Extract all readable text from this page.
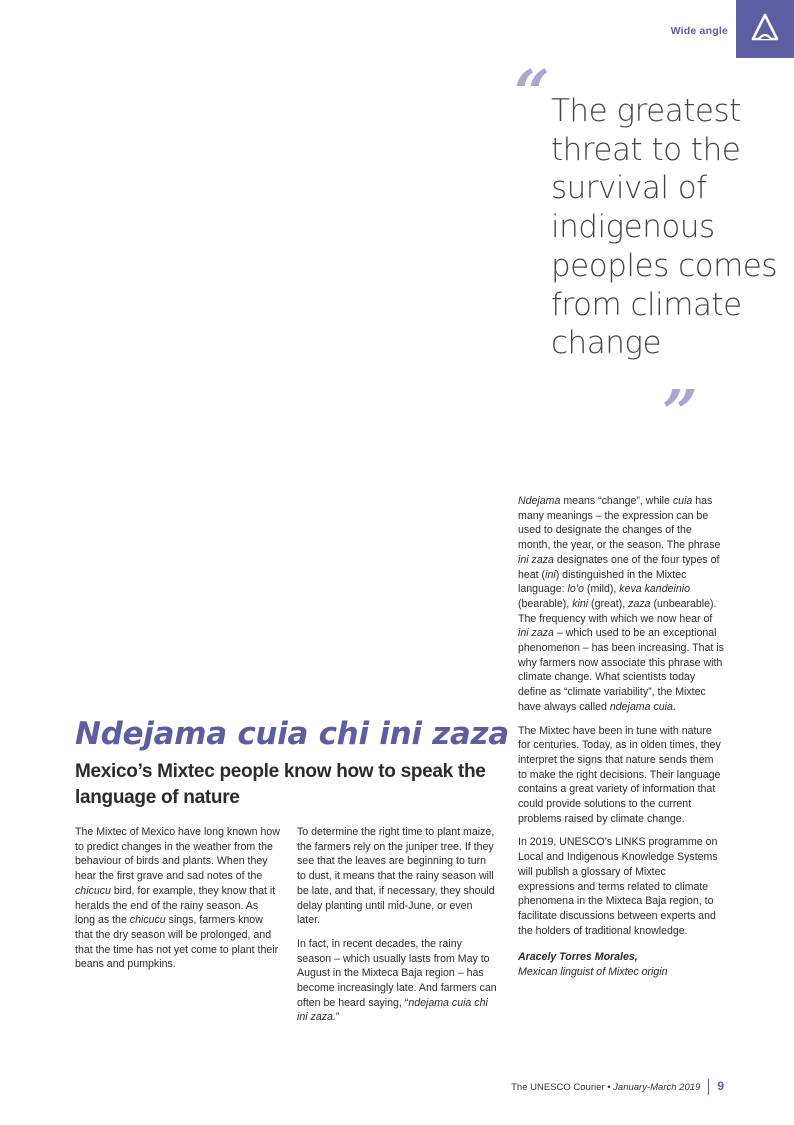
Wide angle
“ The greatest threat to the survival of indigenous peoples comes from climate change
”
Ndejama cuia chi ini zaza
Mexico’s Mixtec people know how to speak the language of nature

The Mixtec of Mexico have long known how to predict changes in the weather from the behaviour of birds and plants. When they hear the first grave and sad notes of the chicucu bird, for example, they know that it heralds the end of the rainy season. As long as the chicucu sings, farmers know that the dry season will be prolonged, and that the time has not yet come to plant their beans and pumpkins.

To determine the right time to plant maize, the farmers rely on the juniper tree. If they see that the leaves are beginning to turn to dust, it means that the rainy season will be late, and that, if necessary, they should delay planting until mid-June, or even later.

In fact, in recent decades, the rainy season – which usually lasts from May to August in the Mixteca Baja region – has become increasingly late. And farmers can often be heard saying, “ndejama cuia chi ini zaza.”

Ndejama means “change”, while cuia has many meanings – the expression can be used to designate the changes of the month, the year, or the season. The phrase ini zaza designates one of the four types of heat (ini) distinguished in the Mixtec language: lo’o (mild), keva kandeinio (bearable), kini (great), zaza (unbearable). The frequency with which we now hear of ini zaza – which used to be an exceptional phenomenon – has been increasing. That is why farmers now associate this phrase with climate change. What scientists today define as “climate variability”, the Mixtec have always called ndejama cuia.

The Mixtec have been in tune with nature for centuries. Today, as in olden times, they interpret the signs that nature sends them to make the right decisions. Their language contains a great variety of information that could provide solutions to the current problems raised by climate change.

In 2019, UNESCO’s LINKS programme on Local and Indigenous Knowledge Systems will publish a glossary of Mixtec expressions and terms related to climate phenomena in the Mixteca Baja region, to facilitate discussions between experts and the holders of traditional knowledge.

Aracely Torres Morales,
Mexican linguist of Mixtec origin
The UNESCO Courier • January-March 2019 9
